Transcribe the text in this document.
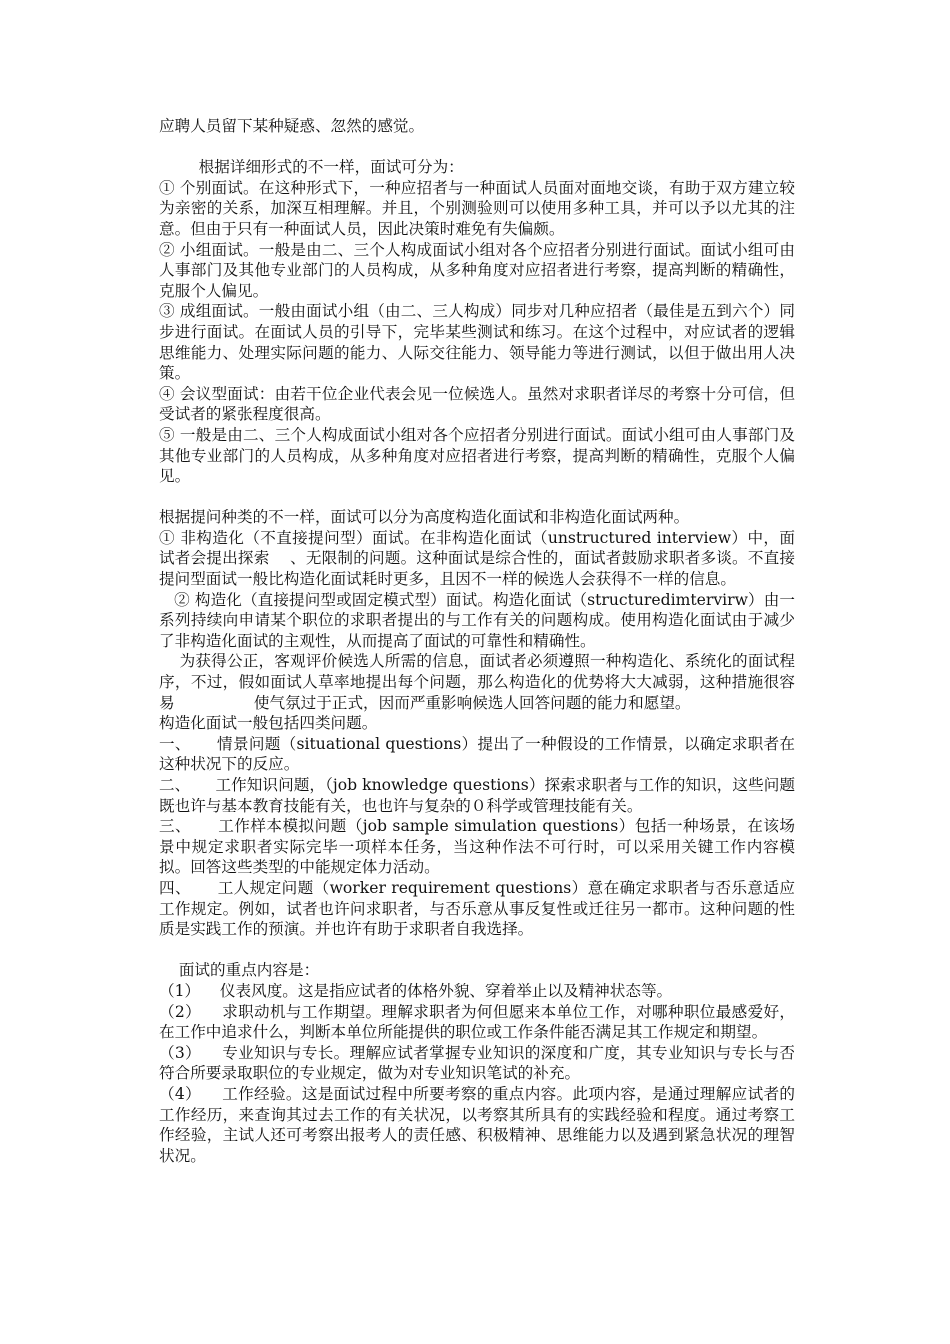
应聘人员留下某种疑惑、忽然的感觉。

根据详细形式的不一样，面试可分为：

① 个别面试。在这种形式下，一种应招者与一种面试人员面对面地交谈，有助于双方建立较为亲密的关系，加深互相理解。并且，个别测验则可以使用多种工具，并可以予以尤其的注意。但由于只有一种面试人员，因此决策时难免有失偏颇。

② 小组面试。一般是由二、三个人构成面试小组对各个应招者分别进行面试。面试小组可由人事部门及其他专业部门的人员构成，从多种角度对应招者进行考察，提高判断的精确性，克服个人偏见。

③ 成组面试。一般由面试小组（由二、三人构成）同步对几种应招者（最佳是五到六个）同步进行面试。在面试人员的引导下，完毕某些测试和练习。在这个过程中，对应试者的逻辑思维能力、处理实际问题的能力、人际交往能力、领导能力等进行测试，以但于做出用人决策。

④ 会议型面试：由若干位企业代表会见一位候选人。虽然对求职者详尽的考察十分可信，但受试者的紧张程度很高。

⑤ 一般是由二、三个人构成面试小组对各个应招者分别进行面试。面试小组可由人事部门及其他专业部门的人员构成，从多种角度对应招者进行考察，提高判断的精确性，克服个人偏见。

根据提问种类的不一样，面试可以分为高度构造化面试和非构造化面试两种。

① 非构造化（不直接提问型）面试。在非构造化面试（unstructured interview）中，面试者会提出探索    、无限制的问题。这种面试是综合性的，面试者鼓励求职者多谈。不直接提问型面试一般比构造化面试耗时更多，且因不一样的候选人会获得不一样的信息。

② 构造化（直接提问型或固定模式型）面试。构造化面试（structuredimtervirw）由一系列持续向申请某个职位的求职者提出的与工作有关的问题构成。使用构造化面试由于减少了非构造化面试的主观性，从而提高了面试的可靠性和精确性。

为获得公正，客观评价候选人所需的信息，面试者必须遵照一种构造化、系统化的面试程序，不过，假如面试人草率地提出每个问题，那么构造化的优势将大大减弱，这种措施很容易                使气氛过于正式，因而严重影响候选人回答问题的能力和愿望。

构造化面试一般包括四类问题。

一、     情景问题（situational questions）提出了一种假设的工作情景，以确定求职者在这种状况下的反应。

二、     工作知识问题，（job knowledge questions）探索求职者与工作的知识，这些问题既也许与基本教育技能有关，也也许与复杂的０科学或管理技能有关。

三、     工作样本模拟问题（job sample simulation questions）包括一种场景，在该场景中规定求职者实际完毕一项样本任务，当这种作法不可行时，可以采用关键工作内容模拟。回答这些类型的中能规定体力活动。

四、     工人规定问题（worker requirement questions）意在确定求职者与否乐意适应工作规定。例如，试者也许问求职者，与否乐意从事反复性或迁往另一都市。这种问题的性质是实践工作的预演。并也许有助于求职者自我选择。

面试的重点内容是：

（1）    仪表风度。这是指应试者的体格外貌、穿着举止以及精神状态等。

（2）    求职动机与工作期望。理解求职者为何但愿来本单位工作，对哪种职位最感爱好，在工作中追求什么，判断本单位所能提供的职位或工作条件能否满足其工作规定和期望。

（3）    专业知识与专长。理解应试者掌握专业知识的深度和广度，其专业知识与专长与否符合所要录取职位的专业规定，做为对专业知识笔试的补充。

（4）    工作经验。这是面试过程中所要考察的重点内容。此项内容，是通过理解应试者的工作经历，来查询其过去工作的有关状况，以考察其所具有的实践经验和程度。通过考察工作经验，主试人还可考察出报考人的责任感、积极精神、思维能力以及遇到紧急状况的理智状况。
